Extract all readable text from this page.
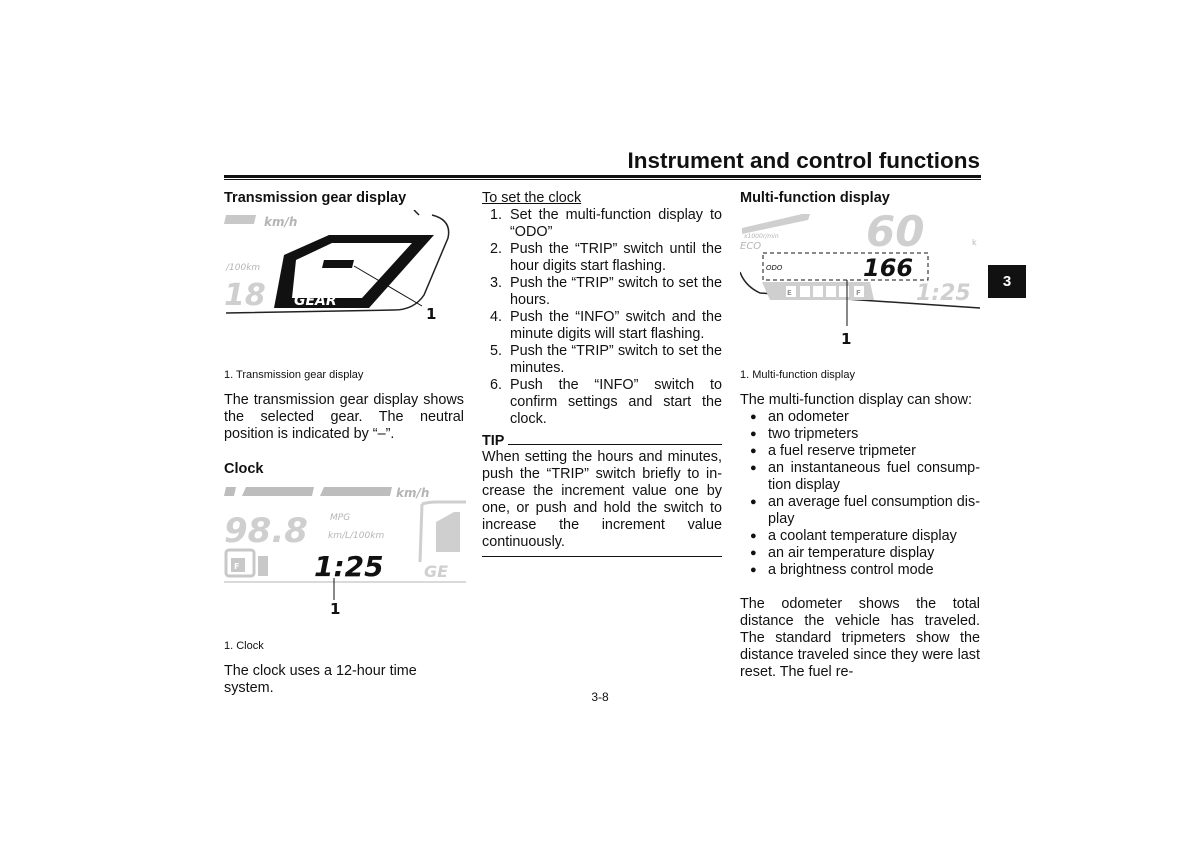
Instrument and control functions
3
Transmission gear display
km/h
/100km
18 GEAR
1
1. Transmission gear display
The transmission gear display shows the selected gear. The neutral position is indicated by “–”.
Clock
km/h
98.8 MPG
km/L/100km
GE
F	1:25
1
1. Clock
The clock uses a 12-hour time system.
To set the clock
1. Set the multi-function display to “ODO”
2. Push the “TRIP” switch until the hour digits start flashing.
3. Push the “TRIP” switch to set the hours.
4. Push the “INFO” switch and the minute digits will start flashing.
5. Push the “TRIP” switch to set the minutes.
6. Push the “INFO” switch to confirm settings and start the clock.
TIP
When setting the hours and minutes, push the “TRIP” switch briefly to increase the increment value one by one, or push and hold the switch to increase the increment value continuously.
Multi-function display
x1000r/min
ECO 60	k
ODO	166
E	F	1:25
1
1. Multi-function display
The multi-function display can show:
● an odometer
● two tripmeters
● a fuel reserve tripmeter
● an instantaneous fuel consumption display
● an average fuel consumption display
● a coolant temperature display
● an air temperature display
● a brightness control mode
The odometer shows the total distance the vehicle has traveled. The standard tripmeters show the distance traveled since they were last reset. The fuel re-
3-8
